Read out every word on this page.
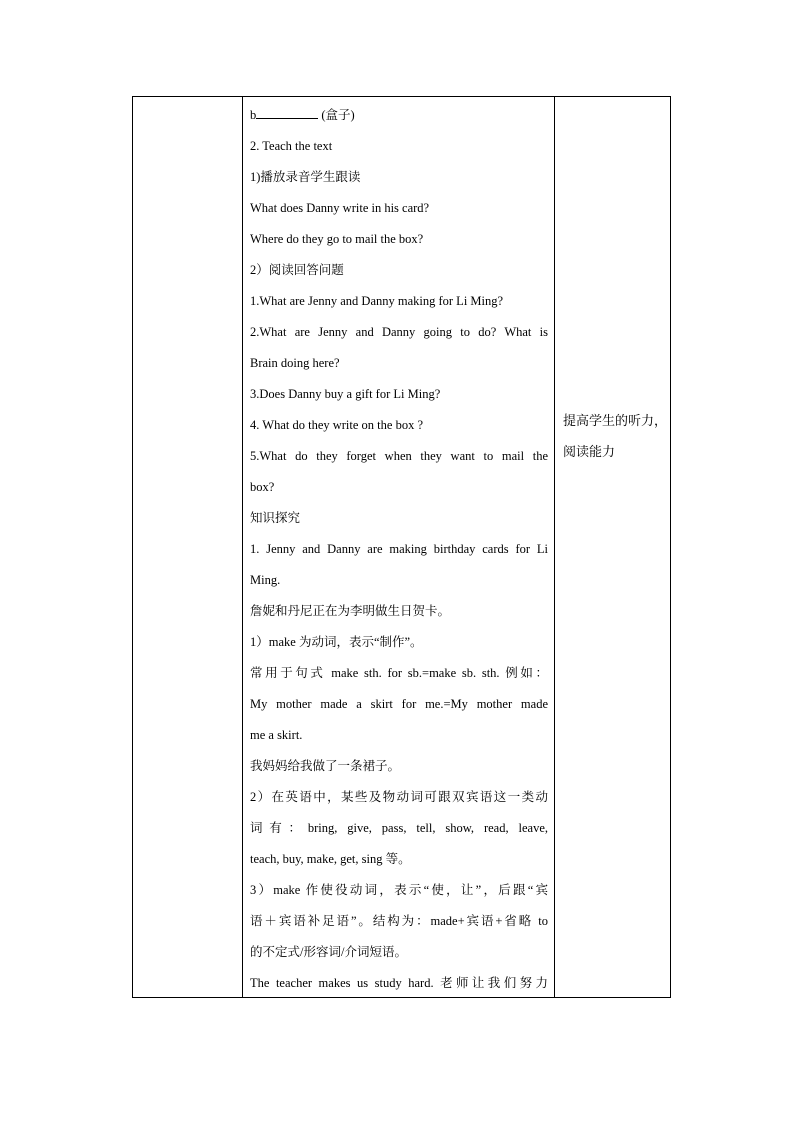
b	(盒子)
2. Teach the text
1)播放录音学生跟读
What does Danny write in his card?
Where do they go to mail the box?
2）阅读回答问题
1.What are Jenny and Danny making for Li Ming?
2.What are Jenny and Danny going to do? What is
Brain doing here?
3.Does Danny buy a gift for Li Ming?
4. What do they write on the box ?
5.What do they forget when they want to mail the
box?
知识探究
1. Jenny and Danny are making birthday cards for Li
Ming.
詹妮和丹尼正在为李明做生日贺卡。
1）make 为动词，表示“制作”。
常用于句式 make sth. for sb.=make sb. sth. 例如：
My mother made a skirt for me.=My mother made
me a skirt.
我妈妈给我做了一条裙子。
2）在英语中，某些及物动词可跟双宾语这一类动
词有：bring, give, pass, tell, show, read, leave,
teach, buy, make, get, sing 等。
3）make 作使役动词，表示“使，让”，后跟“宾
语＋宾语补足语”。结构为：made+宾语+省略 to
的不定式/形容词/介词短语。
The teacher makes us study hard. 老师让我们努力

提高学生的听力，
阅读能力
